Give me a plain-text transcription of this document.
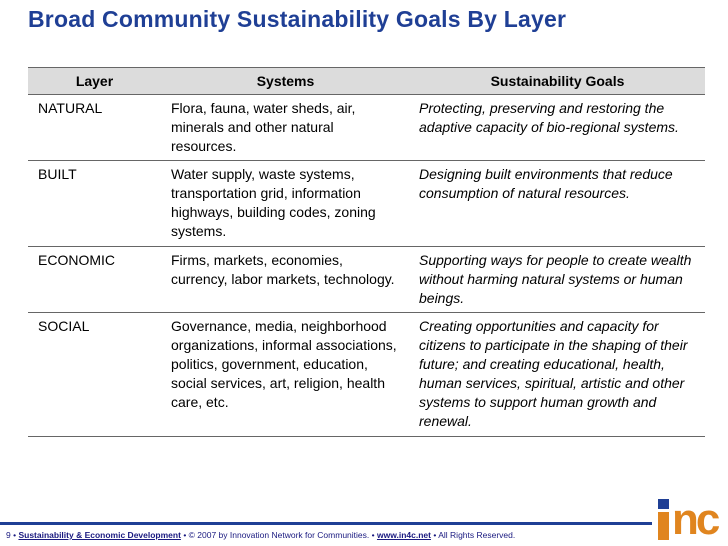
Broad Community Sustainability Goals By Layer
Layer	Systems	Sustainability Goals
NATURAL	Flora, fauna, water sheds, air, minerals and other natural resources.	Protecting, preserving and restoring the adaptive capacity of bio-regional systems.
BUILT	Water supply, waste systems, transportation grid, information highways, building codes, zoning systems.	Designing built environments that reduce consumption of natural resources.
ECONOMIC	Firms, markets, economies, currency, labor markets, technology.	Supporting ways for people to create wealth without harming natural systems or human beings.
SOCIAL	Governance, media, neighborhood organizations, informal associations, politics, government, education, social services, art, religion, health care, etc.	Creating opportunities and capacity for citizens to participate in the shaping of their future; and creating educational, health, human services, spiritual, artistic and other systems to support human growth and renewal.
9 • Sustainability & Economic Development • © 2007 by Innovation Network for Communities. • www.in4c.net • All Rights Reserved.	nc
